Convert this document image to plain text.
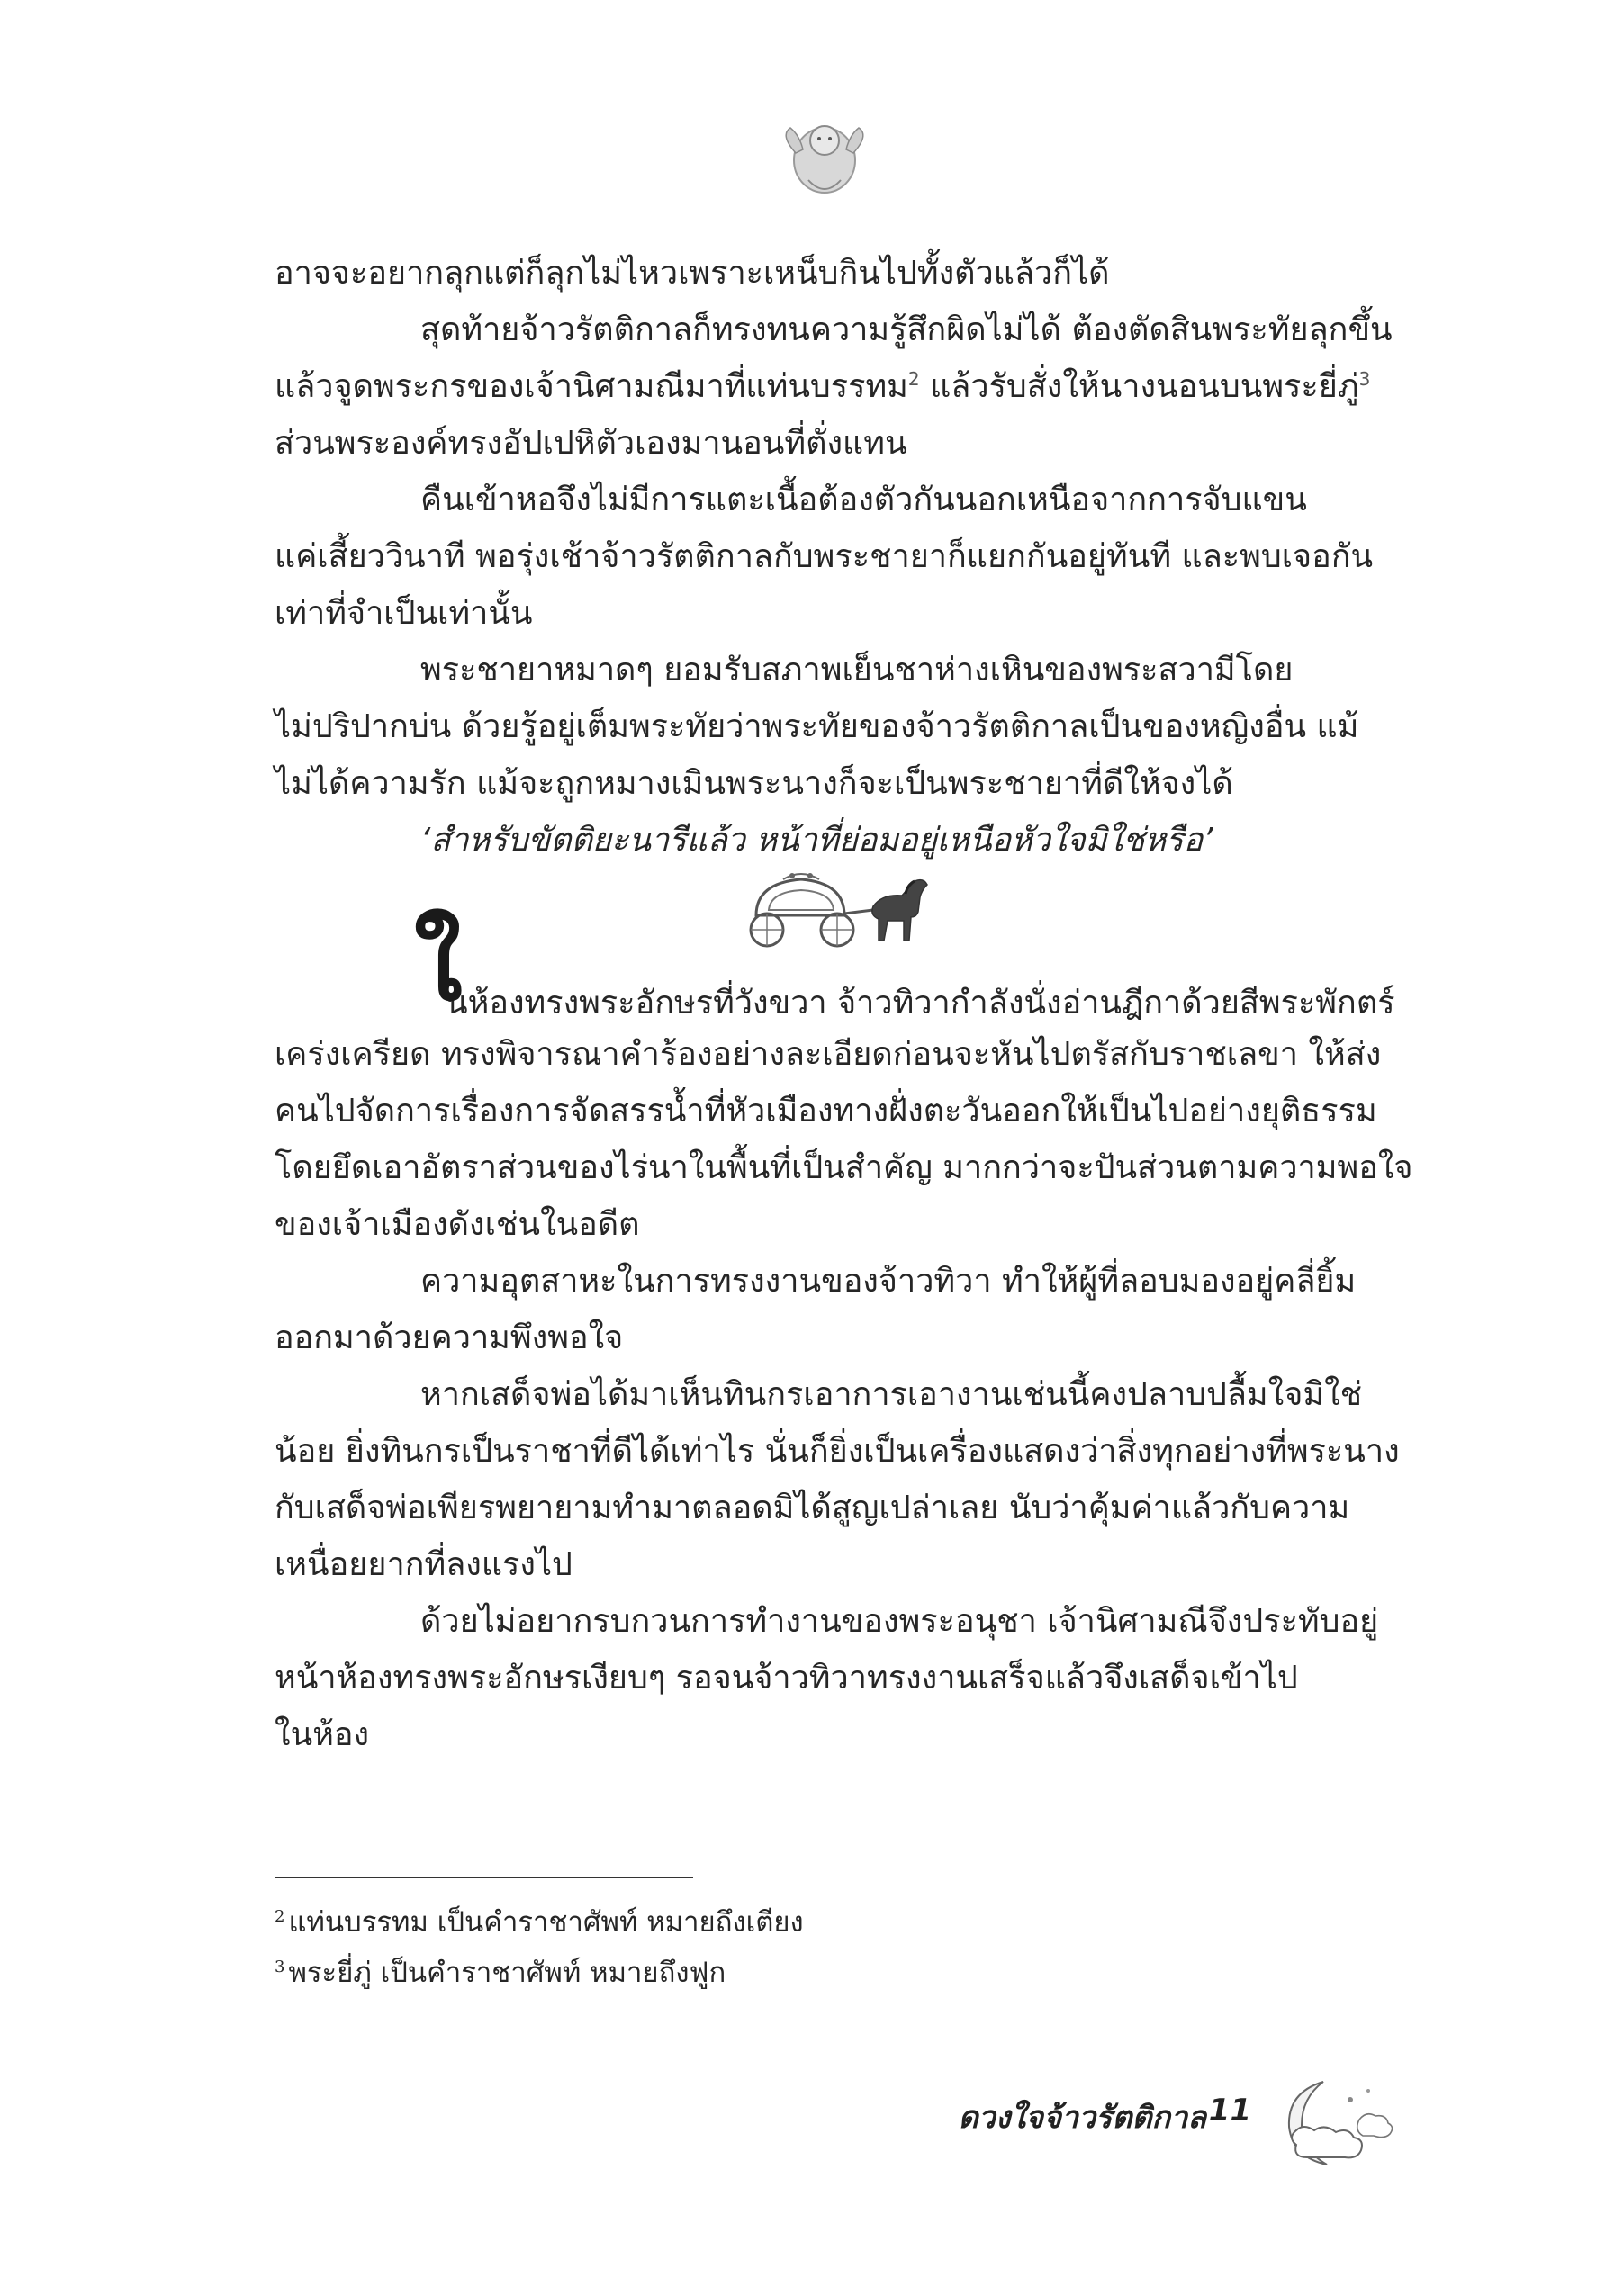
อาจจะอยากลุกแต่ก็ลุกไม่ไหวเพราะเหน็บกินไปทั้งตัวแล้วก็ได้
สุดท้ายจ้าวรัตติกาลก็ทรงทนความรู้สึกผิดไม่ได้ ต้องตัดสินพระทัยลุกขึ้น
แล้วจูดพระกรของเจ้านิศามณีมาที่แท่นบรรทม$^2$ แล้วรับสั่งให้นางนอนบนพระยี่ภู่$^3$
ส่วนพระองค์ทรงอัปเปหิตัวเองมานอนที่ตั่งแทน
คืนเข้าหอจึงไม่มีการแตะเนื้อต้องตัวกันนอกเหนือจากการจับแขน
แค่เสี้ยววินาที พอรุ่งเช้าจ้าวรัตติกาลกับพระชายาก็แยกกันอยู่ทันที และพบเจอกัน
เท่าที่จำเป็นเท่านั้น
พระชายาหมาดๆ ยอมรับสภาพเย็นชาห่างเหินของพระสวามีโดย
ไม่ปริปากบ่น ด้วยรู้อยู่เต็มพระทัยว่าพระทัยของจ้าวรัตติกาลเป็นของหญิงอื่น แม้
ไม่ได้ความรัก แม้จะถูกหมางเมินพระนางก็จะเป็นพระชายาที่ดีให้จงได้
‘สำหรับขัตติยะนารีแล้ว หน้าที่ย่อมอยู่เหนือหัวใจมิใช่หรือ’
ใ
นห้องทรงพระอักษรที่วังขวา จ้าวทิวากำลังนั่งอ่านฎีกาด้วยสีพระพักตร์
เคร่งเครียด ทรงพิจารณาคำร้องอย่างละเอียดก่อนจะหันไปตรัสกับราชเลขา ให้ส่ง
คนไปจัดการเรื่องการจัดสรรน้ำที่หัวเมืองทางฝั่งตะวันออกให้เป็นไปอย่างยุติธรรม
โดยยึดเอาอัตราส่วนของไร่นาในพื้นที่เป็นสำคัญ มากกว่าจะปันส่วนตามความพอใจ
ของเจ้าเมืองดังเช่นในอดีต
ความอุตสาหะในการทรงงานของจ้าวทิวา ทำให้ผู้ที่ลอบมองอยู่คลี่ยิ้ม
ออกมาด้วยความพึงพอใจ
หากเสด็จพ่อได้มาเห็นทินกรเอาการเอางานเช่นนี้คงปลาบปลื้มใจมิใช่
น้อย ยิ่งทินกรเป็นราชาที่ดีได้เท่าไร นั่นก็ยิ่งเป็นเครื่องแสดงว่าสิ่งทุกอย่างที่พระนาง
กับเสด็จพ่อเพียรพยายามทำมาตลอดมิได้สูญเปล่าเลย นับว่าคุ้มค่าแล้วกับความ
เหนื่อยยากที่ลงแรงไป
ด้วยไม่อยากรบกวนการทำงานของพระอนุชา เจ้านิศามณีจึงประทับอยู่
หน้าห้องทรงพระอักษรเงียบๆ รอจนจ้าวทิวาทรงงานเสร็จแล้วจึงเสด็จเข้าไป
ในห้อง
$^2$ แท่นบรรทม เป็นคำราชาศัพท์ หมายถึงเตียง
$^3$ พระยี่ภู่ เป็นคำราชาศัพท์ หมายถึงฟูก
ดวงใจจ้าวรัตติกาล 11
